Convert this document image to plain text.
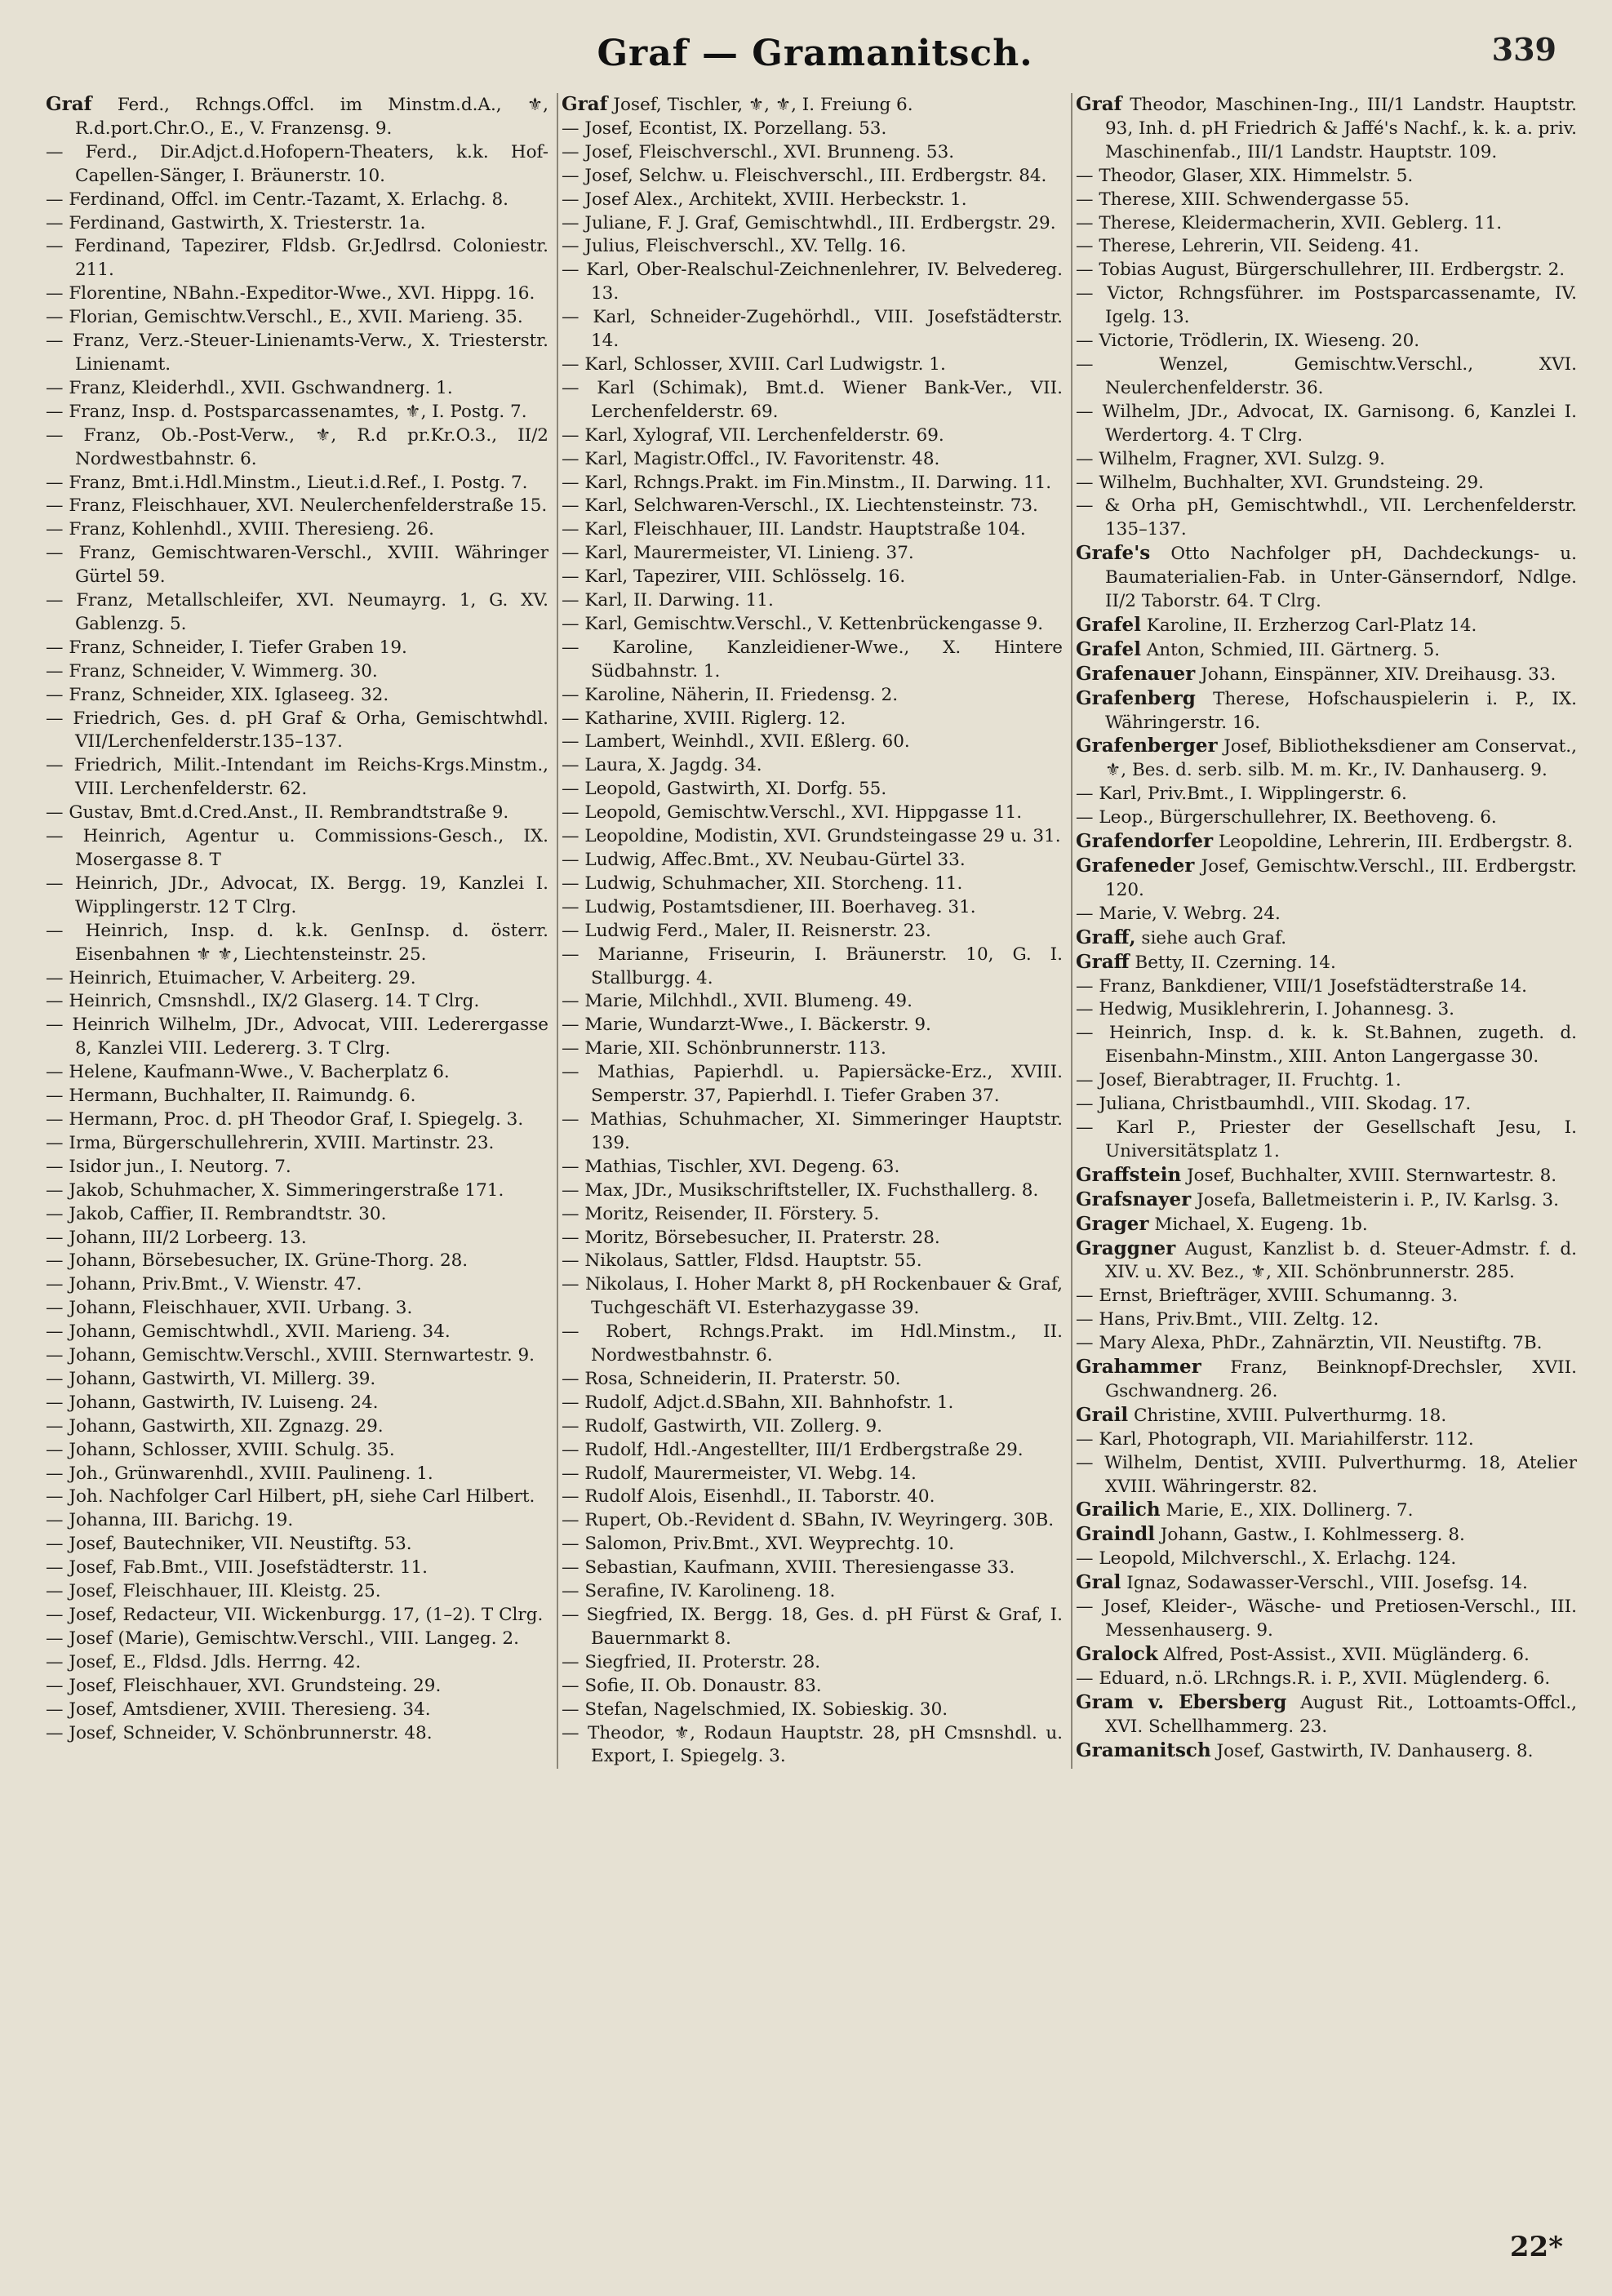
Graf — Gramanitsch.	339
Graf Ferd., Rchngs.Offcl. im Minstm.d.A., ⚜, R.d.port.Chr.O., E., V. Franzensg. 9.
— Ferd., Dir.Adjct.d.Hofopern-Theaters, k.k. Hof-Capellen-Sänger, I. Bräunerstr. 10.
— Ferdinand, Offcl. im Centr.-Tazamt, X. Erlachg. 8.
— Ferdinand, Gastwirth, X. Triesterstr. 1a.
— Ferdinand, Tapezirer, Fldsb. Gr.Jedlrsd. Coloniestr. 211.
— Florentine, NBahn.-Expeditor-Wwe., XVI. Hippg. 16.
— Florian, Gemischtw.Verschl., E., XVII. Marieng. 35.
— Franz, Verz.-Steuer-Linienamts-Verw., X. Triesterstr. Linienamt.
— Franz, Kleiderhdl., XVII. Gschwandnerg. 1.
— Franz, Insp. d. Postsparcassenamtes, ⚜, I. Postg. 7.
— Franz, Ob.-Post-Verw., ⚜, R.d pr.Kr.O.3., II/2 Nordwestbahnstr. 6.
— Franz, Bmt.i.Hdl.Minstm., Lieut.i.d.Ref., I. Postg. 7.
— Franz, Fleischhauer, XVI. Neulerchenfelderstraße 15.
— Franz, Kohlenhdl., XVIII. Theresieng. 26.
— Franz, Gemischtwaren-Verschl., XVIII. Währinger Gürtel 59.
— Franz, Metallschleifer, XVI. Neumayrg. 1, G. XV. Gablenzg. 5.
— Franz, Schneider, I. Tiefer Graben 19.
— Franz, Schneider, V. Wimmerg. 30.
— Franz, Schneider, XIX. Iglaseeg. 32.
— Friedrich, Ges. d. pH Graf & Orha, Gemischtwhdl. VII/Lerchenfelderstr.135–137.
— Friedrich, Milit.-Intendant im Reichs-Krgs.Minstm., VIII. Lerchenfelderstr. 62.
— Gustav, Bmt.d.Cred.Anst., II. Rembrandtstraße 9.
— Heinrich, Agentur u. Commissions-Gesch., IX. Mosergasse 8. T
— Heinrich, JDr., Advocat, IX. Bergg. 19, Kanzlei I. Wipplingerstr. 12 T Clrg.
— Heinrich, Insp. d. k.k. GenInsp. d. österr. Eisenbahnen ⚜ ⚜, Liechtensteinstr. 25.
— Heinrich, Etuimacher, V. Arbeiterg. 29.
— Heinrich, Cmsnshdl., IX/2 Glaserg. 14. T Clrg.
— Heinrich Wilhelm, JDr., Advocat, VIII. Lederergasse 8, Kanzlei VIII. Ledererg. 3. T Clrg.
— Helene, Kaufmann-Wwe., V. Bacherplatz 6.
— Hermann, Buchhalter, II. Raimundg. 6.
— Hermann, Proc. d. pH Theodor Graf, I. Spiegelg. 3.
— Irma, Bürgerschullehrerin, XVIII. Martinstr. 23.
— Isidor jun., I. Neutorg. 7.
— Jakob, Schuhmacher, X. Simmeringerstraße 171.
— Jakob, Caffier, II. Rembrandtstr. 30.
— Johann, III/2 Lorbeerg. 13.
— Johann, Börsebesucher, IX. Grüne-Thorg. 28.
— Johann, Priv.Bmt., V. Wienstr. 47.
— Johann, Fleischhauer, XVII. Urbang. 3.
— Johann, Gemischtwhdl., XVII. Marieng. 34.
— Johann, Gemischtw.Verschl., XVIII. Sternwartestr. 9.
— Johann, Gastwirth, VI. Millerg. 39.
— Johann, Gastwirth, IV. Luiseng. 24.
— Johann, Gastwirth, XII. Zgnazg. 29.
— Johann, Schlosser, XVIII. Schulg. 35.
— Joh., Grünwarenhdl., XVIII. Paulineng. 1.
— Joh. Nachfolger Carl Hilbert, pH, siehe Carl Hilbert.
— Johanna, III. Barichg. 19.
— Josef, Bautechniker, VII. Neustiftg. 53.
— Josef, Fab.Bmt., VIII. Josefstädterstr. 11.
— Josef, Fleischhauer, III. Kleistg. 25.
— Josef, Redacteur, VII. Wickenburgg. 17, (1–2). T Clrg.
— Josef (Marie), Gemischtw.Verschl., VIII. Langeg. 2.
— Josef, E., Fldsd. Jdls. Herrng. 42.
— Josef, Fleischhauer, XVI. Grundsteing. 29.
— Josef, Amtsdiener, XVIII. Theresieng. 34.
— Josef, Schneider, V. Schönbrunnerstr. 48.
Graf Josef, Tischler, ⚜, ⚜, I. Freiung 6.
— Josef, Econtist, IX. Porzellang. 53.
— Josef, Fleischverschl., XVI. Brunneng. 53.
— Josef, Selchw. u. Fleischverschl., III. Erdbergstr. 84.
— Josef Alex., Architekt, XVIII. Herbeckstr. 1.
— Juliane, F. J. Graf, Gemischtwhdl., III. Erdbergstr. 29.
— Julius, Fleischverschl., XV. Tellg. 16.
— Karl, Ober-Realschul-Zeichnenlehrer, IV. Belvedereg. 13.
— Karl, Schneider-Zugehörhdl., VIII. Josefstädterstr. 14.
— Karl, Schlosser, XVIII. Carl Ludwigstr. 1.
— Karl (Schimak), Bmt.d. Wiener Bank-Ver., VII. Lerchenfelderstr. 69.
— Karl, Xylograf, VII. Lerchenfelderstr. 69.
— Karl, Magistr.Offcl., IV. Favoritenstr. 48.
— Karl, Rchngs.Prakt. im Fin.Minstm., II. Darwing. 11.
— Karl, Selchwaren-Verschl., IX. Liechtensteinstr. 73.
— Karl, Fleischhauer, III. Landstr. Hauptstraße 104.
— Karl, Maurermeister, VI. Linieng. 37.
— Karl, Tapezirer, VIII. Schlösselg. 16.
— Karl, II. Darwing. 11.
— Karl, Gemischtw.Verschl., V. Kettenbrückengasse 9.
— Karoline, Kanzleidiener-Wwe., X. Hintere Südbahnstr. 1.
— Karoline, Näherin, II. Friedensg. 2.
— Katharine, XVIII. Riglerg. 12.
— Lambert, Weinhdl., XVII. Eßlerg. 60.
— Laura, X. Jagdg. 34.
— Leopold, Gastwirth, XI. Dorfg. 55.
— Leopold, Gemischtw.Verschl., XVI. Hippgasse 11.
— Leopoldine, Modistin, XVI. Grundsteingasse 29 u. 31.
— Ludwig, Affec.Bmt., XV. Neubau-Gürtel 33.
— Ludwig, Schuhmacher, XII. Storcheng. 11.
— Ludwig, Postamtsdiener, III. Boerhaveg. 31.
— Ludwig Ferd., Maler, II. Reisnerstr. 23.
— Marianne, Friseurin, I. Bräunerstr. 10, G. I. Stallburgg. 4.
— Marie, Milchhdl., XVII. Blumeng. 49.
— Marie, Wundarzt-Wwe., I. Bäckerstr. 9.
— Marie, XII. Schönbrunnerstr. 113.
— Mathias, Papierhdl. u. Papiersäcke-Erz., XVIII. Semperstr. 37, Papierhdl. I. Tiefer Graben 37.
— Mathias, Schuhmacher, XI. Simmeringer Hauptstr. 139.
— Mathias, Tischler, XVI. Degeng. 63.
— Max, JDr., Musikschriftsteller, IX. Fuchsthallerg. 8.
— Moritz, Reisender, II. Förstery. 5.
— Moritz, Börsebesucher, II. Praterstr. 28.
— Nikolaus, Sattler, Fldsd. Hauptstr. 55.
— Nikolaus, I. Hoher Markt 8, pH Rockenbauer & Graf, Tuchgeschäft VI. Esterhazygasse 39.
— Robert, Rchngs.Prakt. im Hdl.Minstm., II. Nordwestbahnstr. 6.
— Rosa, Schneiderin, II. Praterstr. 50.
— Rudolf, Adjct.d.SBahn, XII. Bahnhofstr. 1.
— Rudolf, Gastwirth, VII. Zollerg. 9.
— Rudolf, Hdl.-Angestellter, III/1 Erdbergstraße 29.
— Rudolf, Maurermeister, VI. Webg. 14.
— Rudolf Alois, Eisenhdl., II. Taborstr. 40.
— Rupert, Ob.-Revident d. SBahn, IV. Weyringerg. 30B.
— Salomon, Priv.Bmt., XVI. Weyprechtg. 10.
— Sebastian, Kaufmann, XVIII. Theresiengasse 33.
— Serafine, IV. Karolineng. 18.
— Siegfried, IX. Bergg. 18, Ges. d. pH Fürst & Graf, I. Bauernmarkt 8.
— Siegfried, II. Proterstr. 28.
— Sofie, II. Ob. Donaustr. 83.
— Stefan, Nagelschmied, IX. Sobieskig. 30.
— Theodor, ⚜, Rodaun Hauptstr. 28, pH Cmsnshdl. u. Export, I. Spiegelg. 3.
Graf Theodor, Maschinen-Ing., III/1 Landstr. Hauptstr. 93, Inh. d. pH Friedrich & Jaffé's Nachf., k. k. a. priv. Maschinenfab., III/1 Landstr. Hauptstr. 109.
— Theodor, Glaser, XIX. Himmelstr. 5.
— Therese, XIII. Schwendergasse 55.
— Therese, Kleidermacherin, XVII. Geblerg. 11.
— Therese, Lehrerin, VII. Seideng. 41.
— Tobias August, Bürgerschullehrer, III. Erdbergstr. 2.
— Victor, Rchngsführer. im Postsparcassenamte, IV. Igelg. 13.
— Victorie, Trödlerin, IX. Wieseng. 20.
— Wenzel, Gemischtw.Verschl., XVI. Neulerchenfelderstr. 36.
— Wilhelm, JDr., Advocat, IX. Garnisong. 6, Kanzlei I. Werdertorg. 4. T Clrg.
— Wilhelm, Fragner, XVI. Sulzg. 9.
— Wilhelm, Buchhalter, XVI. Grundsteing. 29.
— & Orha pH, Gemischtwhdl., VII. Lerchenfelderstr. 135–137.
Grafe's Otto Nachfolger pH, Dachdeckungs- u. Baumaterialien-Fab. in Unter-Gänserndorf, Ndlge. II/2 Taborstr. 64. T Clrg.
Grafel Karoline, II. Erzherzog Carl-Platz 14.
Grafel Anton, Schmied, III. Gärtnerg. 5.
Grafenauer Johann, Einspänner, XIV. Dreihausg. 33.
Grafenberg Therese, Hofschauspielerin i. P., IX. Währingerstr. 16.
Grafenberger Josef, Bibliotheksdiener am Conservat., ⚜, Bes. d. serb. silb. M. m. Kr., IV. Danhauserg. 9.
— Karl, Priv.Bmt., I. Wipplingerstr. 6.
— Leop., Bürgerschullehrer, IX. Beethoveng. 6.
Grafendorfer Leopoldine, Lehrerin, III. Erdbergstr. 8.
Grafeneder Josef, Gemischtw.Verschl., III. Erdbergstr. 120.
— Marie, V. Webrg. 24.
Graff, siehe auch Graf.
Graff Betty, II. Czerning. 14.
— Franz, Bankdiener, VIII/1 Josefstädterstraße 14.
— Hedwig, Musiklehrerin, I. Johannesg. 3.
— Heinrich, Insp. d. k. k. St.Bahnen, zugeth. d. Eisenbahn-Minstm., XIII. Anton Langergasse 30.
— Josef, Bierabtrager, II. Fruchtg. 1.
— Juliana, Christbaumhdl., VIII. Skodag. 17.
— Karl P., Priester der Gesellschaft Jesu, I. Universitätsplatz 1.
Graffstein Josef, Buchhalter, XVIII. Sternwartestr. 8.
Grafsnayer Josefa, Balletmeisterin i. P., IV. Karlsg. 3.
Grager Michael, X. Eugeng. 1b.
Graggner August, Kanzlist b. d. Steuer-Admstr. f. d. XIV. u. XV. Bez., ⚜, XII. Schönbrunnerstr. 285.
— Ernst, Briefträger, XVIII. Schumanng. 3.
— Hans, Priv.Bmt., VIII. Zeltg. 12.
— Mary Alexa, PhDr., Zahnärztin, VII. Neustiftg. 7B.
Grahammer Franz, Beinknopf-Drechsler, XVII. Gschwandnerg. 26.
Grail Christine, XVIII. Pulverthurmg. 18.
— Karl, Photograph, VII. Mariahilferstr. 112.
— Wilhelm, Dentist, XVIII. Pulverthurmg. 18, Atelier XVIII. Währingerstr. 82.
Grailich Marie, E., XIX. Dollinerg. 7.
Graindl Johann, Gastw., I. Kohlmesserg. 8.
— Leopold, Milchverschl., X. Erlachg. 124.
Gral Ignaz, Sodawasser-Verschl., VIII. Josefsg. 14.
— Josef, Kleider-, Wäsche- und Pretiosen-Verschl., III. Messenhauserg. 9.
Gralock Alfred, Post-Assist., XVII. Mügländerg. 6.
— Eduard, n.ö. LRchngs.R. i. P., XVII. Müglenderg. 6.
Gram v. Ebersberg August Rit., Lottoamts-Offcl., XVI. Schellhammerg. 23.
Gramanitsch Josef, Gastwirth, IV. Danhauserg. 8.
22*
